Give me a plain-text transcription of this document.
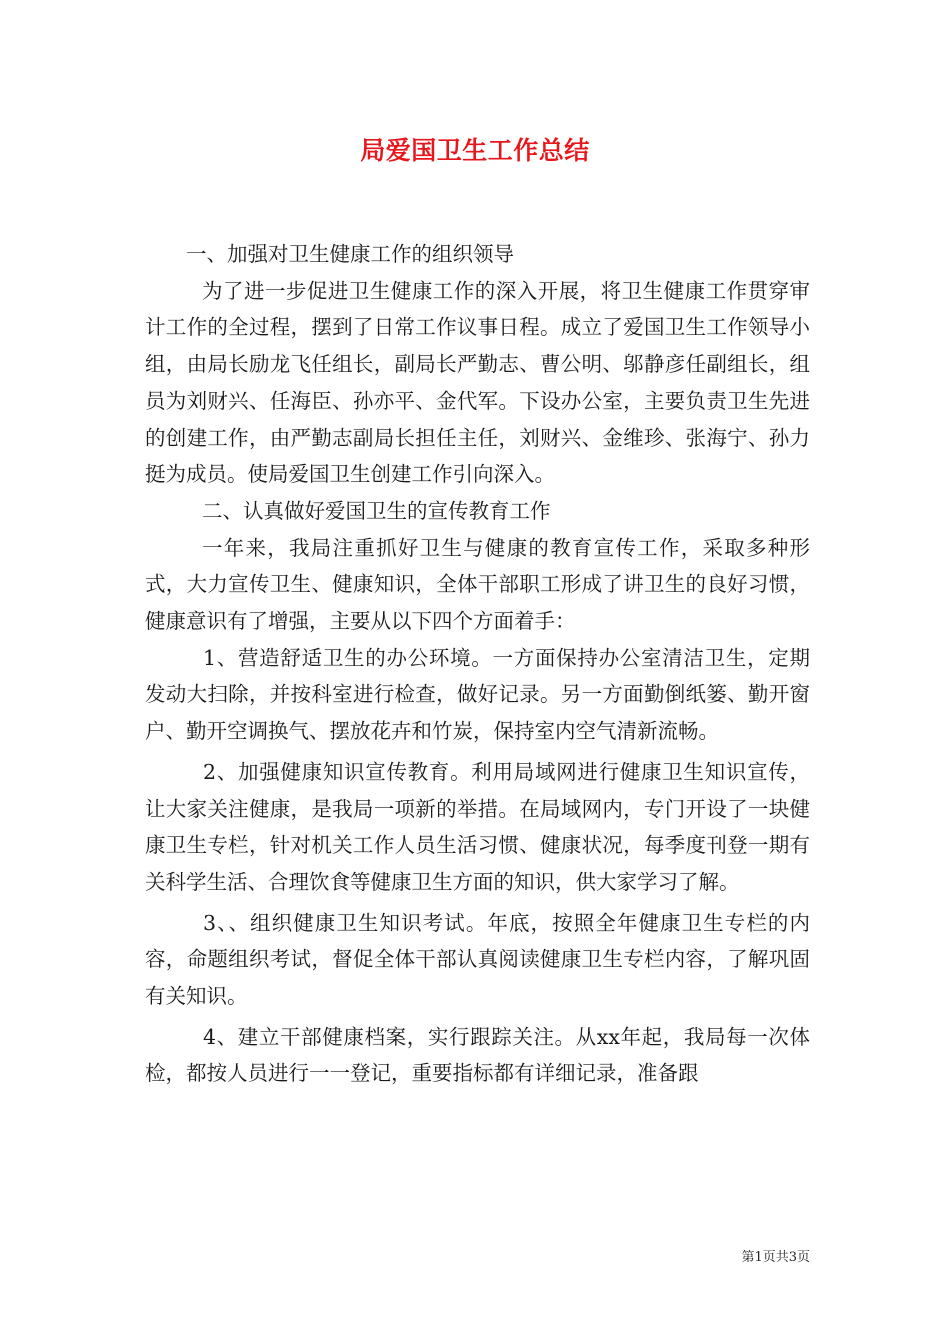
局爱国卫生工作总结

一、加强对卫生健康工作的组织领导

为了进一步促进卫生健康工作的深入开展，将卫生健康工作贯穿审计工作的全过程，摆到了日常工作议事日程。成立了爱国卫生工作领导小组，由局长励龙飞任组长，副局长严勤志、曹公明、邬静彦任副组长，组员为刘财兴、任海臣、孙亦平、金代军。下设办公室，主要负责卫生先进的创建工作，由严勤志副局长担任主任，刘财兴、金维珍、张海宁、孙力挺为成员。使局爱国卫生创建工作引向深入。

二、认真做好爱国卫生的宣传教育工作

一年来，我局注重抓好卫生与健康的教育宣传工作，采取多种形式，大力宣传卫生、健康知识，全体干部职工形成了讲卫生的良好习惯，健康意识有了增强，主要从以下四个方面着手：

1、营造舒适卫生的办公环境。一方面保持办公室清洁卫生，定期发动大扫除，并按科室进行检查，做好记录。另一方面勤倒纸篓、勤开窗户、勤开空调换气、摆放花卉和竹炭，保持室内空气清新流畅。

2、加强健康知识宣传教育。利用局域网进行健康卫生知识宣传，让大家关注健康，是我局一项新的举措。在局域网内，专门开设了一块健康卫生专栏，针对机关工作人员生活习惯、健康状况，每季度刊登一期有关科学生活、合理饮食等健康卫生方面的知识，供大家学习了解。

3、、组织健康卫生知识考试。年底，按照全年健康卫生专栏的内容，命题组织考试，督促全体干部认真阅读健康卫生专栏内容，了解巩固有关知识。

4、建立干部健康档案，实行跟踪关注。从xx年起，我局每一次体检，都按人员进行一一登记，重要指标都有详细记录，准备跟

第1页共3页
